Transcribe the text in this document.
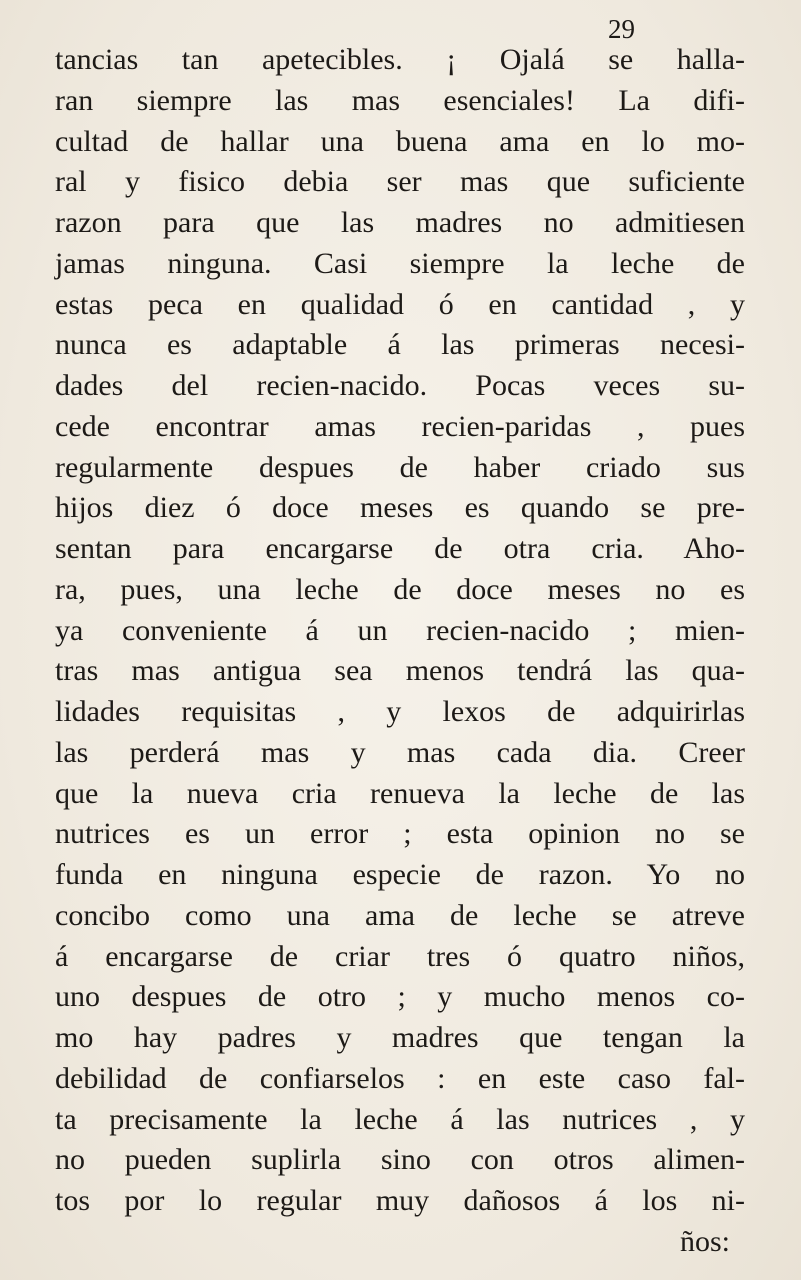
29
tancias tan apetecibles. ¡ Ojalá se halla-
ran siempre las mas esenciales! La difi-
cultad de hallar una buena ama en lo mo-
ral y fisico debia ser mas que suficiente
razon para que las madres no admitiesen
jamas ninguna. Casi siempre la leche de
estas peca en qualidad ó en cantidad , y
nunca es adaptable á las primeras necesi-
dades del recien-nacido. Pocas veces su-
cede encontrar amas recien-paridas , pues
regularmente despues de haber criado sus
hijos diez ó doce meses es quando se pre-
sentan para encargarse de otra cria. Aho-
ra, pues, una leche de doce meses no es
ya conveniente á un recien-nacido ; mien-
tras mas antigua sea menos tendrá las qua-
lidades requisitas , y lexos de adquirirlas
las perderá mas y mas cada dia. Creer
que la nueva cria renueva la leche de las
nutrices es un error ; esta opinion no se
funda en ninguna especie de razon. Yo no
concibo como una ama de leche se atreve
á encargarse de criar tres ó quatro niños,
uno despues de otro ; y mucho menos co-
mo hay padres y madres que tengan la
debilidad de confiarselos : en este caso fal-
ta precisamente la leche á las nutrices , y
no pueden suplirla sino con otros alimen-
tos por lo regular muy dañosos á los ni-
ños:
